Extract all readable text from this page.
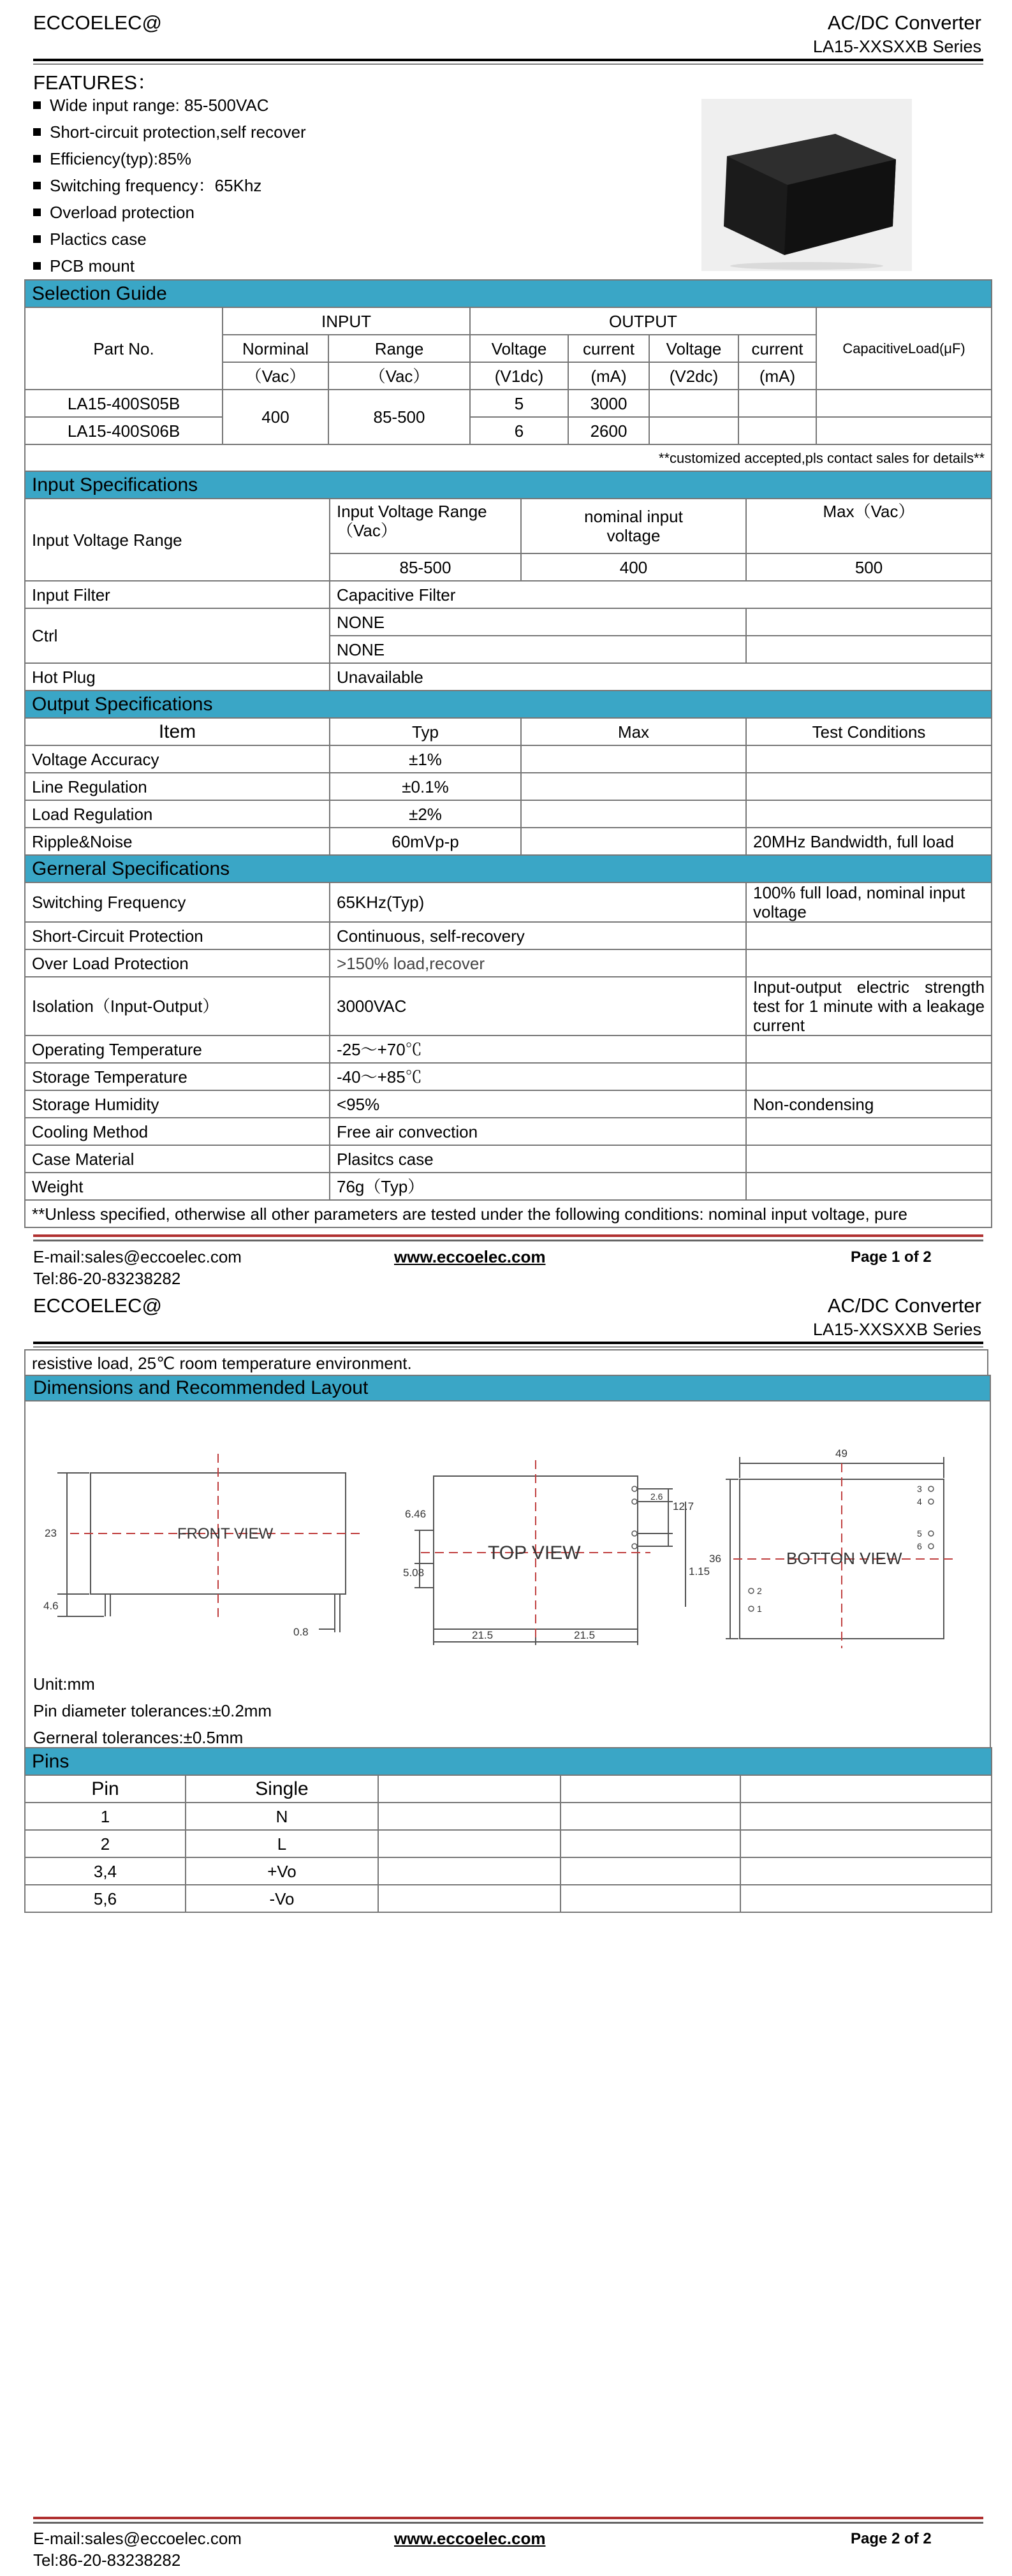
ECCOELEC@	AC/DC Converter
LA15-XXSXXB Series
FEATURES：
Wide input range: 85-500VAC
Short-circuit protection,self recover
Efficiency(typ):85%
Switching frequency：65Khz
Overload protection
Plactics case
PCB mount
Selection Guide							
Part No.	INPUT		OUTPUT				CapacitiveLoad(μF)
	Norminal	Range	Voltage	current	Voltage	current	
	（Vac）	（Vac）	(V1dc)	(mA)	(V2dc)	(mA)	
LA15-400S05B	400	85-500	5	3000			
LA15-400S06B			6	2600			
**customized accepted,pls contact sales for details**							
Input Specifications			
Input Voltage Range	Input Voltage Range（Vac）	nominal input
voltage	Max（Vac）
	85-500	400	500
Input Filter	Capacitive Filter		
Ctrl	NONE		
	NONE		
Hot Plug	Unavailable		
Output Specifications			
Item	Typ	Max	Test Conditions
Voltage Accuracy	±1%		
Line Regulation	±0.1%		
Load Regulation	±2%		
Ripple&Noise	60mVp-p		20MHz Bandwidth, full load
Gerneral Specifications			
Switching Frequency	65KHz(Typ)		100% full load, nominal input voltage
Short-Circuit Protection	Continuous, self-recovery		
Over Load Protection	>150% load,recover		
Isolation（Input-Output）	3000VAC		Input-output electric strength test for 1 minute with a leakage current
Operating Temperature	-25～+70℃		
Storage Temperature	-40～+85℃		
Storage Humidity	<95%		Non-condensing
Cooling Method	Free air convection		
Case Material	Plasitcs case		
Weight	76g（Typ）		
**Unless specified, otherwise all other parameters are tested under the following conditions: nominal input voltage, pure			
E-mail:sales@eccoelec.com
Tel:86-20-83238282
www.eccoelec.com	Page 1 of 2
ECCOELEC@	AC/DC Converter
LA15-XXSXXB Series
resistive load, 25℃ room temperature environment.
Dimensions and Recommended Layout
FRONT VIEW
TOP VIEW	BOTTON VIEW
23
4.6
0.8
6.46
5.08
21.5	21.5
2.6
12.7
1.15
49
36
2
1
3
4
5
6
Unit:mm
Pin diameter tolerances:±0.2mm
Gerneral tolerances:±0.5mm
Pins				
Pin	Single			
1	N			
2	L			
3,4	+Vo			
5,6	-Vo			
E-mail:sales@eccoelec.com
Tel:86-20-83238282
www.eccoelec.com	Page 2 of 2
